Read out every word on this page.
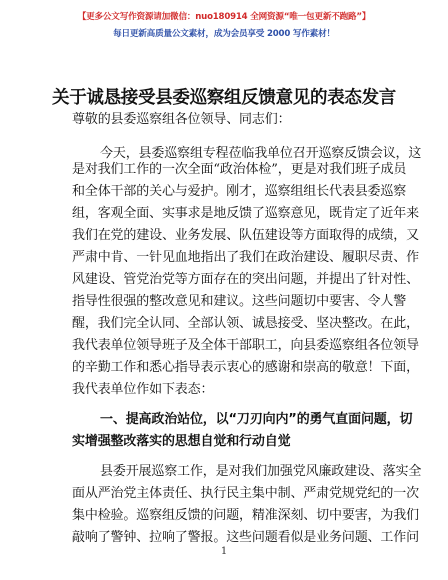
【更多公文写作资源请加微信：nuo180914 全网资源“唯一包更新不跑路”】
每日更新高质量公文素材，成为会员享受 2000 写作素材！
关于诚恳接受县委巡察组反馈意见的表态发言
尊敬的县委巡察组各位领导、同志们：
今天，县委巡察组专程莅临我单位召开巡察反馈会议，这
是对我们工作的一次全面“政治体检”，更是对我们班子成员
和全体干部的关心与爱护。刚才，巡察组组长代表县委巡察
组，客观全面、实事求是地反馈了巡察意见，既肯定了近年来
我们在党的建设、业务发展、队伍建设等方面取得的成绩，又
严肃中肯、一针见血地指出了我们在政治建设、履职尽责、作
风建设、管党治党等方面存在的突出问题，并提出了针对性、
指导性很强的整改意见和建议。这些问题切中要害、令人警
醒，我们完全认同、全部认领、诚恳接受、坚决整改。在此，
我代表单位领导班子及全体干部职工，向县委巡察组各位领导
的辛勤工作和悉心指导表示衷心的感谢和崇高的敬意！下面，
我代表单位作如下表态：
一、提高政治站位，以“刀刃向内”的勇气直面问题，切
实增强整改落实的思想自觉和行动自觉
县委开展巡察工作，是对我们加强党风廉政建设、落实全
面从严治党主体责任、执行民主集中制、严肃党规党纪的一次
集中检验。巡察组反馈的问题，精准深刻、切中要害，为我们
敲响了警钟、拉响了警报。这些问题看似是业务问题、工作问
1
